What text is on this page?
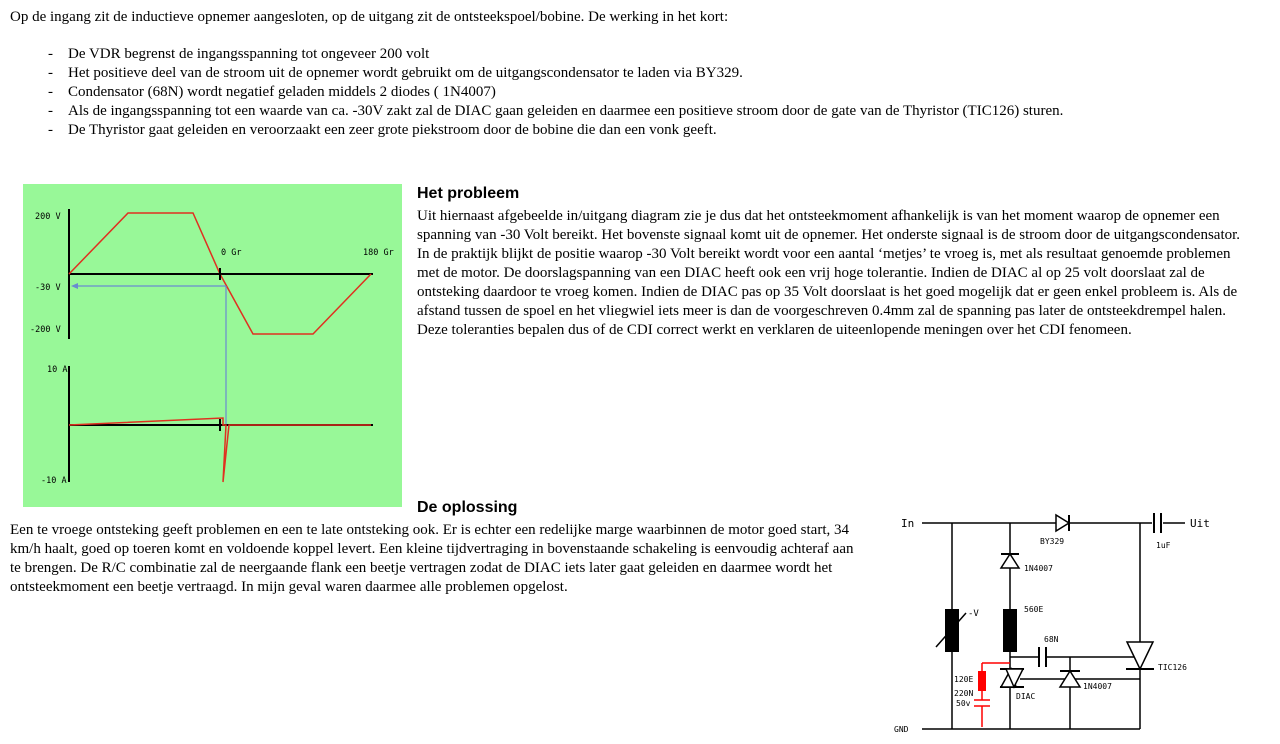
Op de ingang zit de inductieve opnemer aangesloten, op de uitgang zit de ontsteekspoel/bobine. De werking in het kort:
- De VDR begrenst de ingangsspanning tot ongeveer 200 volt
- Het positieve deel van de stroom uit de opnemer wordt gebruikt om de uitgangscondensator te laden via BY329.
- Condensator (68N) wordt negatief geladen middels 2 diodes ( 1N4007)
- Als de ingangsspanning tot een waarde van ca. -30V zakt zal de DIAC gaan geleiden en daarmee een positieve stroom door de gate van de Thyristor (TIC126) sturen.
- De Thyristor gaat geleiden en veroorzaakt een zeer grote piekstroom door de bobine die dan een vonk geeft.
200 V
-30 V
-200 V
0 Gr	180 Gr
10 A
-10 A
Het probleem
Uit hiernaast afgebeelde in/uitgang diagram zie je dus dat het ontsteekmoment afhankelijk is van het moment waarop de opnemer een
spanning van -30 Volt bereikt. Het bovenste signaal komt uit de opnemer. Het onderste signaal is de stroom door de uitgangscondensator.
In de praktijk blijkt de positie waarop -30 Volt bereikt wordt voor een aantal ‘metjes’ te vroeg is, met als resultaat genoemde problemen
met de motor. De doorslagspanning van een DIAC heeft ook een vrij hoge tolerantie. Indien de DIAC al op 25 volt doorslaat zal de
ontsteking daardoor te vroeg komen. Indien de DIAC pas op 35 Volt doorslaat is het goed mogelijk dat er geen enkel probleem is. Als de
afstand tussen de spoel en het vliegwiel iets meer is dan de voorgeschreven 0.4mm zal de spanning pas later de ontsteekdrempel halen.
Deze toleranties bepalen dus of de CDI correct werkt en verklaren de uiteenlopende meningen over het CDI fenomeen.
De oplossing
Een te vroege ontsteking geeft problemen en een te late ontsteking ook. Er is echter een redelijke marge waarbinnen de motor goed start, 34
km/h haalt, goed op toeren komt en voldoende koppel levert. Een kleine tijdvertraging in bovenstaande schakeling is eenvoudig achteraf aan
te brengen. De R/C combinatie zal de neergaande flank een beetje vertragen zodat de DIAC iets later gaat geleiden en daarmee wordt het
ontsteekmoment een beetje vertraagd. In mijn geval waren daarmee alle problemen opgelost.
In	Uit
GND
BY329	1uF
1N4007
560E
68N
-V
TIC126
1N4007
DIAC
120E
220N
50v
